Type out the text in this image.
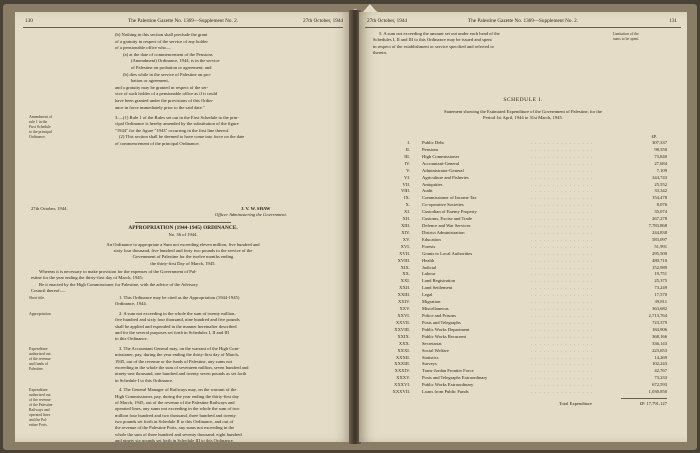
130	The Palestine Gazette No. 1369—Supplement No. 2.	27th October, 1944
(b) Nothing in this section shall preclude the grant
of a gratuity in respect of the service of any holder
of a pensionable office who—
(a) at the date of commencement of the Pensions
(Amendment) Ordinance, 1944, is in the service
of Palestine on probation or agreement; and
(b) dies while in the service of Palestine on pro-
bation or agreement,
and a gratuity may be granted in respect of the ser-
vice of such holder of a pensionable office as if it could
have been granted under the provisions of this Ordin-
ance in force immediately prior to the said date."
Amendment of
rule 1 in the
First Schedule
to the principal
Ordinance.
3.—(1) Rule 1 of the Rules set out in the First Schedule to the prin-
cipal Ordinance is hereby amended by the substitution of the figure
"1944" for the figure "1943" occurring in the first line thereof.
(2) This section shall be deemed to have come into force on the date
of commencement of the principal Ordinance.
27th October, 1944.	J. V. W. SHAW
Officer Administering the Government.
APPROPRIATION (1944-1945) ORDINANCE.
No. 36 of 1944.
An Ordinance to appropriate a Sum not exceeding eleven million, five hundred and
sixty four thousand, five hundred and forty two pounds to the service of the
Government of Palestine for the twelve months ending
the thirty-first Day of March, 1945.
Whereas it is necessary to make provision for the expenses of the Government of Pal-
estine for the year ending the thirty-first day of March, 1945;
Be it enacted by the High Commissioner for Palestine, with the advice of the Advisory
Council thereof:—
Short title.	1. This Ordinance may be cited as the Appropriation (1944-1945)
Ordinance, 1944.
Appropriation.	2. A sum not exceeding in the whole the sum of twenty million,
five hundred and sixty four thousand, nine hundred and five pounds
shall be applied and expended in the manner hereinafter described
and for the several purposes set forth in Schedules I, II and III
to this Ordinance.
Expenditure
authorised out
of the revenue
and funds of
Palestine.
3. The Accountant General may, on the warrant of the High Com-
missioner, pay, during the year ending the thirty-first day of March,
1945, out of the revenue or the funds of Palestine, any sums not
exceeding in the whole the sum of seventeen million, seven hundred and
ninety-one thousand, one hundred and twenty seven pounds as set forth
in Schedule I to this Ordinance.
Expenditure
authorised out
of the revenue
of the Palestine
Railways and
operated lines
and the Pal-
estine Ports.
4. The General Manager of Railways may, on the warrant of the
High Commissioner, pay, during the year ending the thirty-first day
of March, 1945, out of the revenue of the Palestine Railways and
operated lines, any sums not exceeding in the whole the sum of two
million four hundred and two thousand, three hundred and twenty
two pounds set forth in Schedule II to this Ordinance, and out of
the revenue of the Palestine Ports, any sums not exceeding in the
whole the sum of three hundred and seventy thousand, eight hundred
and ninety six pounds set forth in Schedule III to this Ordinance.
27th October, 1944	The Palestine Gazette No. 1369—Supplement No. 2.	131
5. A sum not exceeding the amount set out under each head of the
Schedules I, II and III to this Ordinance may be issued and spent
in respect of the establishment or service specified and referred to
therein.
Limitation of the
sums to be spent.
SCHEDULE I.
Statement showing the Estimated Expenditure of the Government of Palestine, for the
Period 1st April, 1944 to 31st March, 1945.
£P.
I.	Public Debt	. . . . . . . . . . . . . . .	307,337
II.	Pensions	. . . . . . . . . . . . . . .	98,350
III.	High Commissioner	. . . . . . . . . . . . . . .	73,840
IV.	Accountant-General	. . . . . . . . . . . . . . .	27,684
V.	Administrator-General	. . . . . . . . . . . . . . .	7,109
VI.	Agriculture and Fisheries	. . . . . . . . . . . . . . .	244,743
VII.	Antiquities	. . . . . . . . . . . . . . .	25,552
VIII.	Audit	. . . . . . . . . . . . . . .	33,342
IX.	Commissioner of Income Tax	. . . . . . . . . . . . . . .	154,478
X.	Co-operative Societies	. . . . . . . . . . . . . . .	8,076
XI.	Custodian of Enemy Property	. . . . . . . . . . . . . . .	35,074
XII.	Customs, Excise and Trade	. . . . . . . . . . . . . . .	267,278
XIII.	Defence and War Services	. . . . . . . . . . . . . . .	7,783,868
XIV.	District Administration	. . . . . . . . . . . . . . .	244,838
XV.	Education	. . . . . . . . . . . . . . .	583,097
XVI.	Forests	. . . . . . . . . . . . . . .	51,991
XVII.	Grants to Local Authorities	. . . . . . . . . . . . . . .	295,500
XVIII.	Health	. . . . . . . . . . . . . . .	480,710
XIX.	Judicial	. . . . . . . . . . . . . . .	152,989
XX.	Labour	. . . . . . . . . . . . . . .	19,751
XXI.	Land Registration	. . . . . . . . . . . . . . .	25,375
XXII.	Land Settlement	. . . . . . . . . . . . . . .	73,249
XXIII.	Legal	. . . . . . . . . . . . . . .	17,570
XXIV.	Migration	. . . . . . . . . . . . . . .	39,811
XXV.	Miscellaneous	. . . . . . . . . . . . . . .	363,682
XXVI.	Police and Prisons	. . . . . . . . . . . . . . .	2,713,764
XXVII.	Posts and Telegraphs	. . . . . . . . . . . . . . .	723,379
XXVIII.	Public Works Department	. . . . . . . . . . . . . . .	184,906
XXIX.	Public Works Recurrent	. . . . . . . . . . . . . . .	368,166
XXX.	Secretariat	. . . . . . . . . . . . . . .	336,143
XXXI.	Social Welfare	. . . . . . . . . . . . . . .	223,653
XXXII.	Statistics	. . . . . . . . . . . . . . .	14,269
XXXIII.	Surveys	. . . . . . . . . . . . . . .	102,243
XXXIV.	Trans-Jordan Frontier Force	. . . . . . . . . . . . . . .	42,767
XXXV.	Posts and Telegraphs Extraordinary	. . . . . . . . . . . . . . .	73,233
XXXVI.	Public Works Extraordinary	. . . . . . . . . . . . . . .	672,593
XXXVII.	Loans from Public Funds	. . . . . . . . . . . . . . .	1,030,850
Total Expenditure	£P. 17,791,127
